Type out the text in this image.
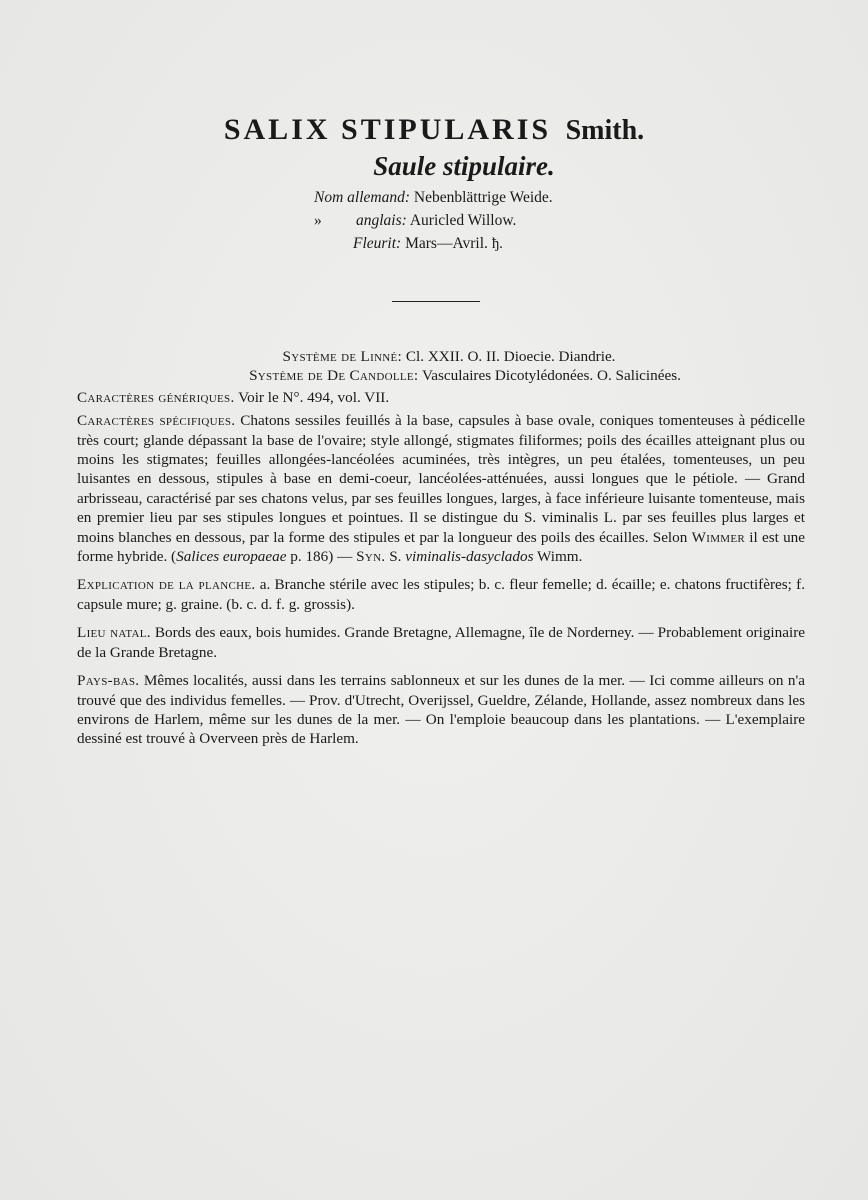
SALIX STIPULARIS Smith.
Saule stipulaire.
Nom allemand: Nebenblättrige Weide.
» anglais: Auricled Willow.
Fleurit: Mars—Avril. ђ.

Système de Linné: Cl. XXII. O. II. Dioecie. Diandrie.

Système de De Candolle: Vasculaires Dicotylédonées. O. Salicinées.

Caractères génériques. Voir le N°. 494, vol. VII.

Caractères spécifiques. Chatons sessiles feuillés à la base, capsules à base ovale, coniques tomenteuses à pédicelle très court; glande dépassant la base de l'ovaire; style allongé, stigmates filiformes; poils des écailles atteignant plus ou moins les stigmates; feuilles allongées-lancéolées acuminées, très intègres, un peu étalées, tomenteuses, un peu luisantes en dessous, stipules à base en demi-coeur, lancéolées-atténuées, aussi longues que le pétiole. — Grand arbrisseau, caractérisé par ses chatons velus, par ses feuilles longues, larges, à face inférieure luisante tomenteuse, mais en premier lieu par ses stipules longues et pointues. Il se distingue du S. viminalis L. par ses feuilles plus larges et moins blanches en dessous, par la forme des stipules et par la longueur des poils des écailles. Selon Wimmer il est une forme hybride. (Salices europaeae p. 186) — Syn. S. viminalis-dasyclados Wimm.

Explication de la planche. a. Branche stérile avec les stipules; b. c. fleur femelle; d. écaille; e. chatons fructifères; f. capsule mure; g. graine. (b. c. d. f. g. grossis).

Lieu natal. Bords des eaux, bois humides. Grande Bretagne, Allemagne, île de Norderney. — Probablement originaire de la Grande Bretagne.

Pays-bas. Mêmes localités, aussi dans les terrains sablonneux et sur les dunes de la mer. — Ici comme ailleurs on n'a trouvé que des individus femelles. — Prov. d'Utrecht, Overijssel, Gueldre, Zélande, Hollande, assez nombreux dans les environs de Harlem, même sur les dunes de la mer. — On l'emploie beaucoup dans les plantations. — L'exemplaire dessiné est trouvé à Overveen près de Harlem.
